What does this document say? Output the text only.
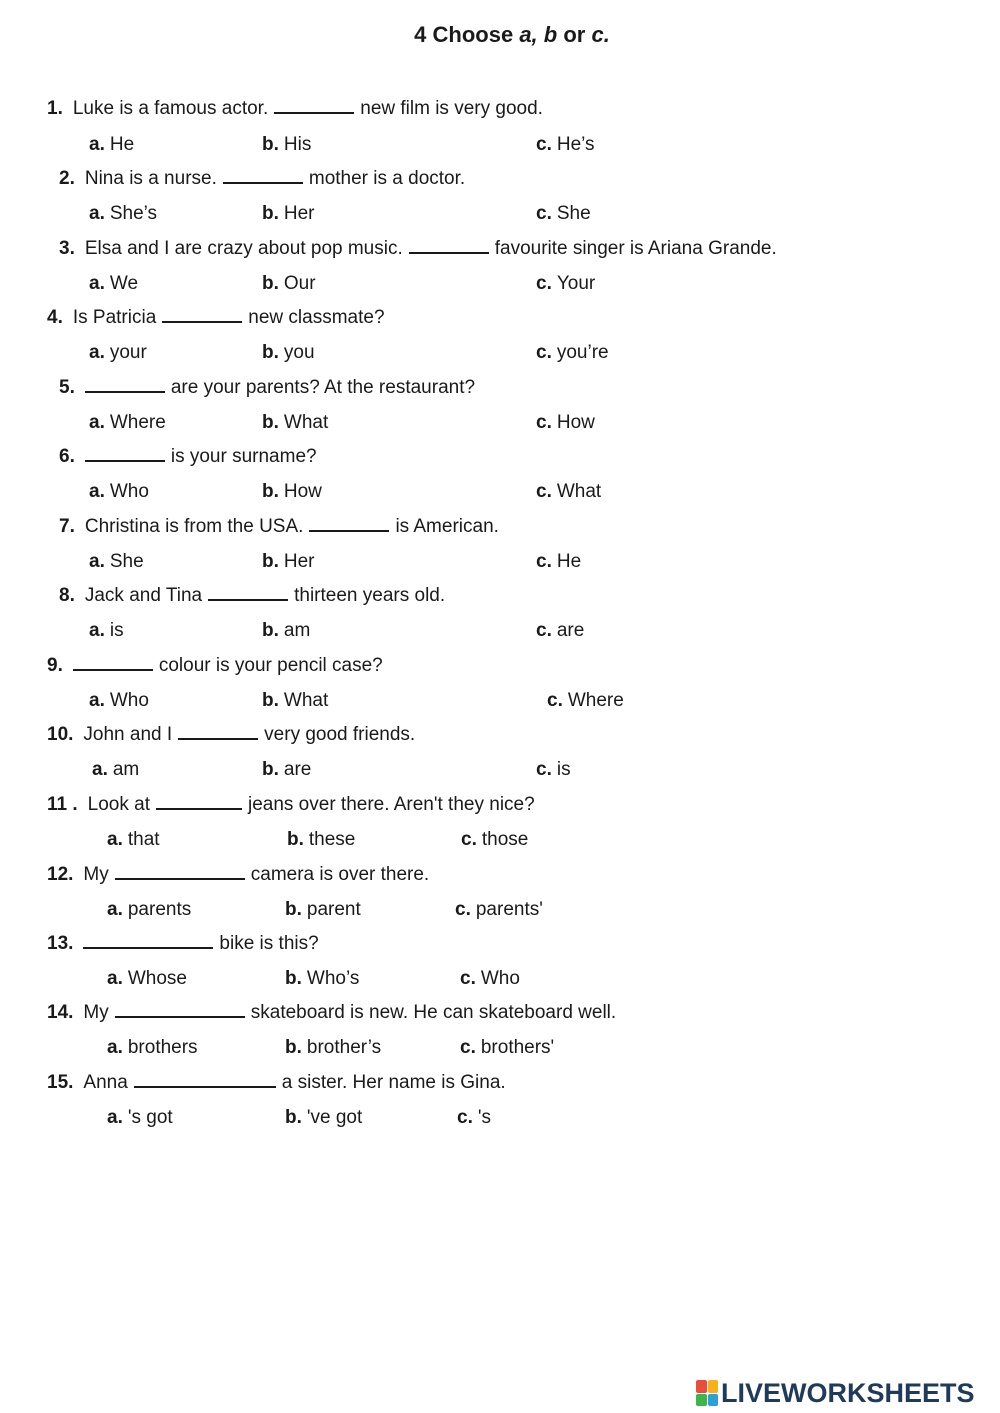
4 Choose a, b or c.
1. Luke is a famous actor.	new film is very good.
a. He	b. His	c. He’s
2. Nina is a nurse.	mother is a doctor.
a. She’s	b. Her	c. She
3. Elsa and I are crazy about pop music.	favourite singer is Ariana Grande.
a. We	b. Our	c. Your
4. Is Patricia	new classmate?
a. your	b. you	c. you’re
5.	are your parents? At the restaurant?
a. Where	b. What	c. How
6.	is your surname?
a. Who	b. How	c. What
7. Christina is from the USA.	is American.
a. She	b. Her	c. He
8. Jack and Tina	thirteen years old.
a. is	b. am	c. are
9.	colour is your pencil case?
a. Who	b. What	c. Where
10. John and I	very good friends.
a. am	b. are	c. is
11 . Look at	jeans over there. Aren't they nice?
a. that	b. these	c. those
12. My	camera is over there.
a. parents	b. parent	c. parents'
13.	bike is this?
a. Whose	b. Who’s	c. Who
14. My	skateboard is new. He can skateboard well.
a. brothers	b. brother’s	c. brothers'
15. Anna	a sister. Her name is Gina.
a. 's got	b. 've got	c. 's
LIVEWORKSHEETS
